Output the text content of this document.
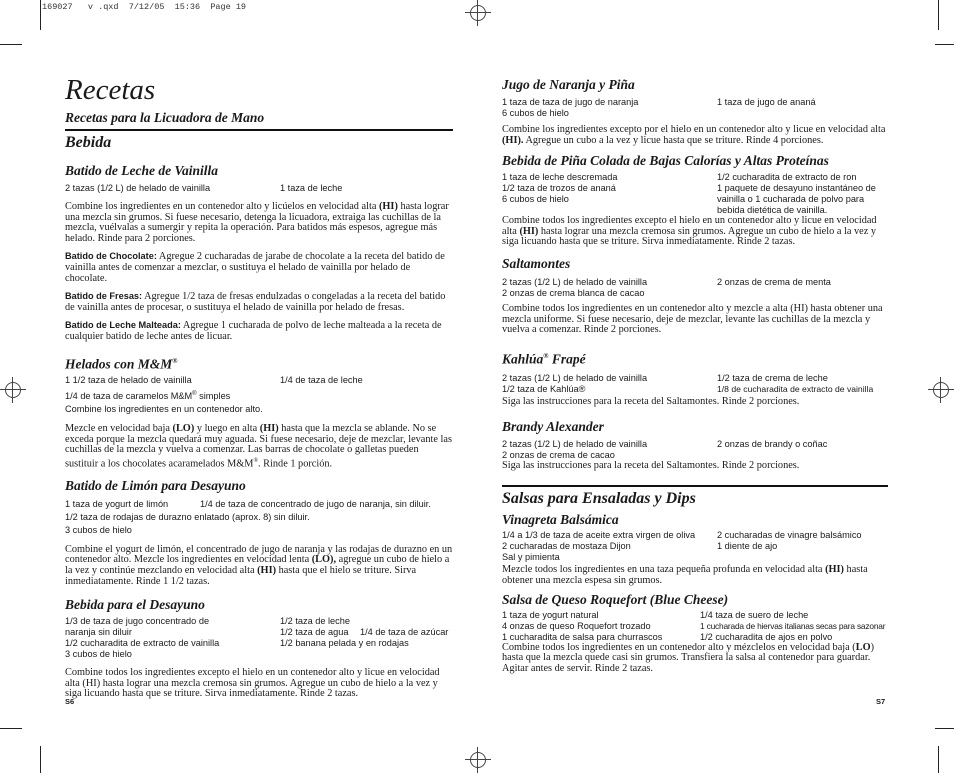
169027   v .qxd  7/12/05  15:36  Page 19
Recetas
Recetas para la Licuadora de Mano
Bebida
Batido de Leche de Vainilla
2 tazas (1/2 L) de helado de vainilla	1 taza de leche

Combine los ingredientes en un contenedor alto y licúelos en velocidad alta (HI) hasta lograr una mezcla sin grumos. Si fuese necesario, detenga la licuadora, extraiga las cuchillas de la mezcla, vuélvalas a sumergir y repita la operación. Para batidos más espesos, agregue más helado. Rinde para 2 porciones.

Batido de Chocolate: Agregue 2 cucharadas de jarabe de chocolate a la receta del batido de vainilla antes de comenzar a mezclar, o sustituya el helado de vainilla por helado de chocolate.

Batido de Fresas: Agregue 1/2 taza de fresas endulzadas o congeladas a la receta del batido de vainilla antes de procesar, o sustituya el helado de vainilla por helado de fresas.

Batido de Leche Malteada: Agregue 1 cucharada de polvo de leche malteada a la receta de cualquier batido de leche antes de licuar.

Helados con M&M®
1 1/2 taza de helado de vainilla	1/4 de taza de leche
1/4 de taza de caramelos M&M® simples
Combine los ingredientes en un contenedor alto.

Mezcle en velocidad baja (LO) y luego en alta (HI) hasta que la mezcla se ablande. No se exceda porque la mezcla quedará muy aguada. Si fuese necesario, deje de mezclar, levante las cuchillas de la mezcla y vuelva a comenzar. Las barras de chocolate o galletas pueden sustituir a los chocolates acaramelados M&M®. Rinde 1 porción.

Batido de Limón para Desayuno
1 taza de yogurt de limón	1/4 de taza de concentrado de jugo de naranja, sin diluir.
1/2 taza de rodajas de durazno enlatado (aprox. 8) sin diluir.
3 cubos de hielo

Combine el yogurt de limón, el concentrado de jugo de naranja y las rodajas de durazno en un contenedor alto. Mezcle los ingredientes en velocidad lenta (LO), agregue un cubo de hielo a la vez y continúe mezclando en velocidad alta (HI) hasta que el hielo se triture. Sirva inmediatamente. Rinde 1 1/2 tazas.

Bebida para el Desayuno
1/3 de taza de jugo concentrado de	1/2 taza de leche
naranja sin diluir	1/2 taza de agua	1/4 de taza de azúcar
1/2 cucharadita de extracto de vainilla	1/2 banana pelada y en rodajas
3 cubos de hielo

Combine todos los ingredientes excepto el hielo en un contenedor alto y licue en velocidad alta (HI) hasta lograr una mezcla cremosa sin grumos. Agregue un cubo de hielo a la vez y siga licuando hasta que se triture. Sirva inmediatamente. Rinde 2 tazas.

S6
Jugo de Naranja y Piña
1 taza de taza de jugo de naranja	1 taza de jugo de ananá
6 cubos de hielo

Combine los ingredientes excepto por el hielo en un contenedor alto y licue en velocidad alta (HI). Agregue un cubo a la vez y licue hasta que se triture. Rinde 4 porciones.

Bebida de Piña Colada de Bajas Calorías y Altas Proteínas
1 taza de leche descremada	1/2 cucharadita de extracto de ron
1/2 taza de trozos de ananá	1 paquete de desayuno instantáneo de
6 cubos de hielo	vainilla o 1 cucharada de polvo para
bebida dietética de vainilla.

Combine todos los ingredientes excepto el hielo en un contenedor alto y licue en velocidad alta (HI) hasta lograr una mezcla cremosa sin grumos. Agregue un cubo de hielo a la vez y siga licuando hasta que se triture. Sirva inmediatamente. Rinde 2 tazas.

Saltamontes
2 tazas (1/2 L) de helado de vainilla	2 onzas de crema de menta
2 onzas de crema blanca de cacao

Combine todos los ingredientes en un contenedor alto y mezcle a alta (HI) hasta obtener una mezcla uniforme. Si fuese necesario, deje de mezclar, levante las cuchillas de la mezcla y vuelva a comenzar. Rinde 2 porciones.

Kahlúa® Frapé
2 tazas (1/2 L) de helado de vainilla	1/2 taza de crema de leche
1/2 taza de Kahlúa®	1/8 de cucharadita de extracto de vainilla

Siga las instrucciones para la receta del Saltamontes. Rinde 2 porciones.

Brandy Alexander
2 tazas (1/2 L) de helado de vainilla	2 onzas de brandy o coñac
2 onzas de crema de cacao

Siga las instrucciones para la receta del Saltamontes. Rinde 2 porciones.

Salsas para Ensaladas y Dips
Vinagreta Balsámica
1/4 a 1/3 de taza de aceite extra virgen de oliva	2 cucharadas de vinagre balsámico
2 cucharadas de mostaza Dijon	1 diente de ajo
Sal y pimienta

Mezcle todos los ingredientes en una taza pequeña profunda en velocidad alta (HI) hasta obtener una mezcla espesa sin grumos.

Salsa de Queso Roquefort (Blue Cheese)
1 taza de yogurt natural	1/4 taza de suero de leche
4 onzas de queso Roquefort trozado	1 cucharada de hiervas italianas secas para sazonar
1 cucharadita de salsa para churrascos	1/2 cucharadita de ajos en polvo

Combine todos los ingredientes en un contenedor alto y mézclelos en velocidad baja (LO) hasta que la mezcla quede casi sin grumos. Transfiera la salsa al contenedor para guardar. Agitar antes de servir. Rinde 2 tazas.

S7
